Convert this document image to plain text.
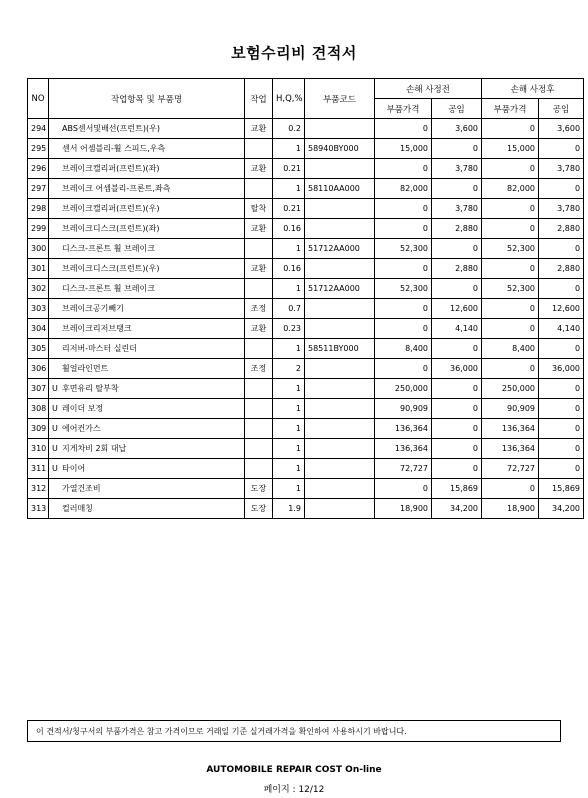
보험수리비 견적서
NO	작업항목 및 부품명	작업	H,Q,%	부품코드	손해 사정전		손해 사정후	
					부품가격	공임	부품가격	공임
294	ABS센서및배선(프런트)(우)	교환	0.2		0	3,600	0	3,600
295	센서 어셈블리-휠 스피드,우측		1	58940BY000	15,000	0	15,000	0
296	브레이크캘리퍼(프런트)(좌)	교환	0.21		0	3,780	0	3,780
297	브레이크 어셈블리-프론트,좌측		1	58110AA000	82,000	0	82,000	0
298	브레이크캘리퍼(프런트)(우)	탈착	0.21		0	3,780	0	3,780
299	브레이크디스크(프런트)(좌)	교환	0.16		0	2,880	0	2,880
300	디스크-프론트 휠 브레이크		1	51712AA000	52,300	0	52,300	0
301	브레이크디스크(프런트)(우)	교환	0.16		0	2,880	0	2,880
302	디스크-프론트 휠 브레이크		1	51712AA000	52,300	0	52,300	0
303	브레이크공기빼기	조정	0.7		0	12,600	0	12,600
304	브레이크리저브탱크	교환	0.23		0	4,140	0	4,140
305	리저버-마스터 실린더		1	58511BY000	8,400	0	8,400	0
306	휠얼라인먼트	조정	2		0	36,000	0	36,000
307	U 후면유리 탈부착		1		250,000	0	250,000	0
308	U 레이더 보정		1		90,909	0	90,909	0
309	U 에어컨가스		1		136,364	0	136,364	0
310	U 지게차비 2회 대납		1		136,364	0	136,364	0
311	U 타이어		1		72,727	0	72,727	0
312	가열건조비	도장	1		0	15,869	0	15,869
313	컬러매칭	도장	1.9		18,900	34,200	18,900	34,200

이 견적서/청구서의 부품가격은 참고 가격이므로 거래일 기준 실거래가격을 확인하여 사용하시기 바랍니다.
AUTOMOBILE REPAIR COST On-line
페이지 : 12/12
